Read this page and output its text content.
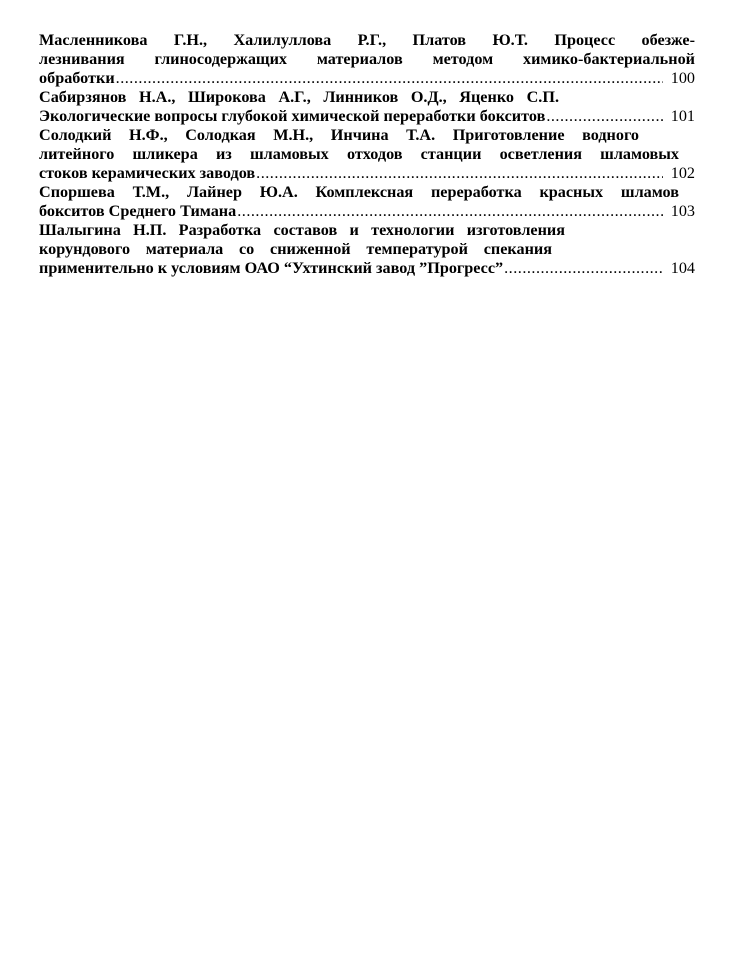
Масленникова Г.Н., Халилуллова Р.Г., Платов Ю.Т. Процесс обезже-
лезнивания глиносодержащих материалов методом химико-бактериальной
обработки .....	100
Сабирзянов Н.А., Широкова А.Г., Линников О.Д., Яценко С.П.
Экологические вопросы глубокой химической переработки бокситов .....	101
Солодкий Н.Ф., Солодкая М.Н., Инчина Т.А. Приготовление водного
литейного шликера из шламовых отходов станции осветления шламовых
стоков керамических заводов .....	102
Споршева Т.М., Лайнер Ю.А. Комплексная переработка красных шламов
бокситов Среднего Тимана .....	103
Шалыгина Н.П. Разработка составов и технологии изготовления
корундового материала со сниженной температурой спекания
применительно к условиям ОАО “Ухтинский завод ”Прогресс” .....	104
